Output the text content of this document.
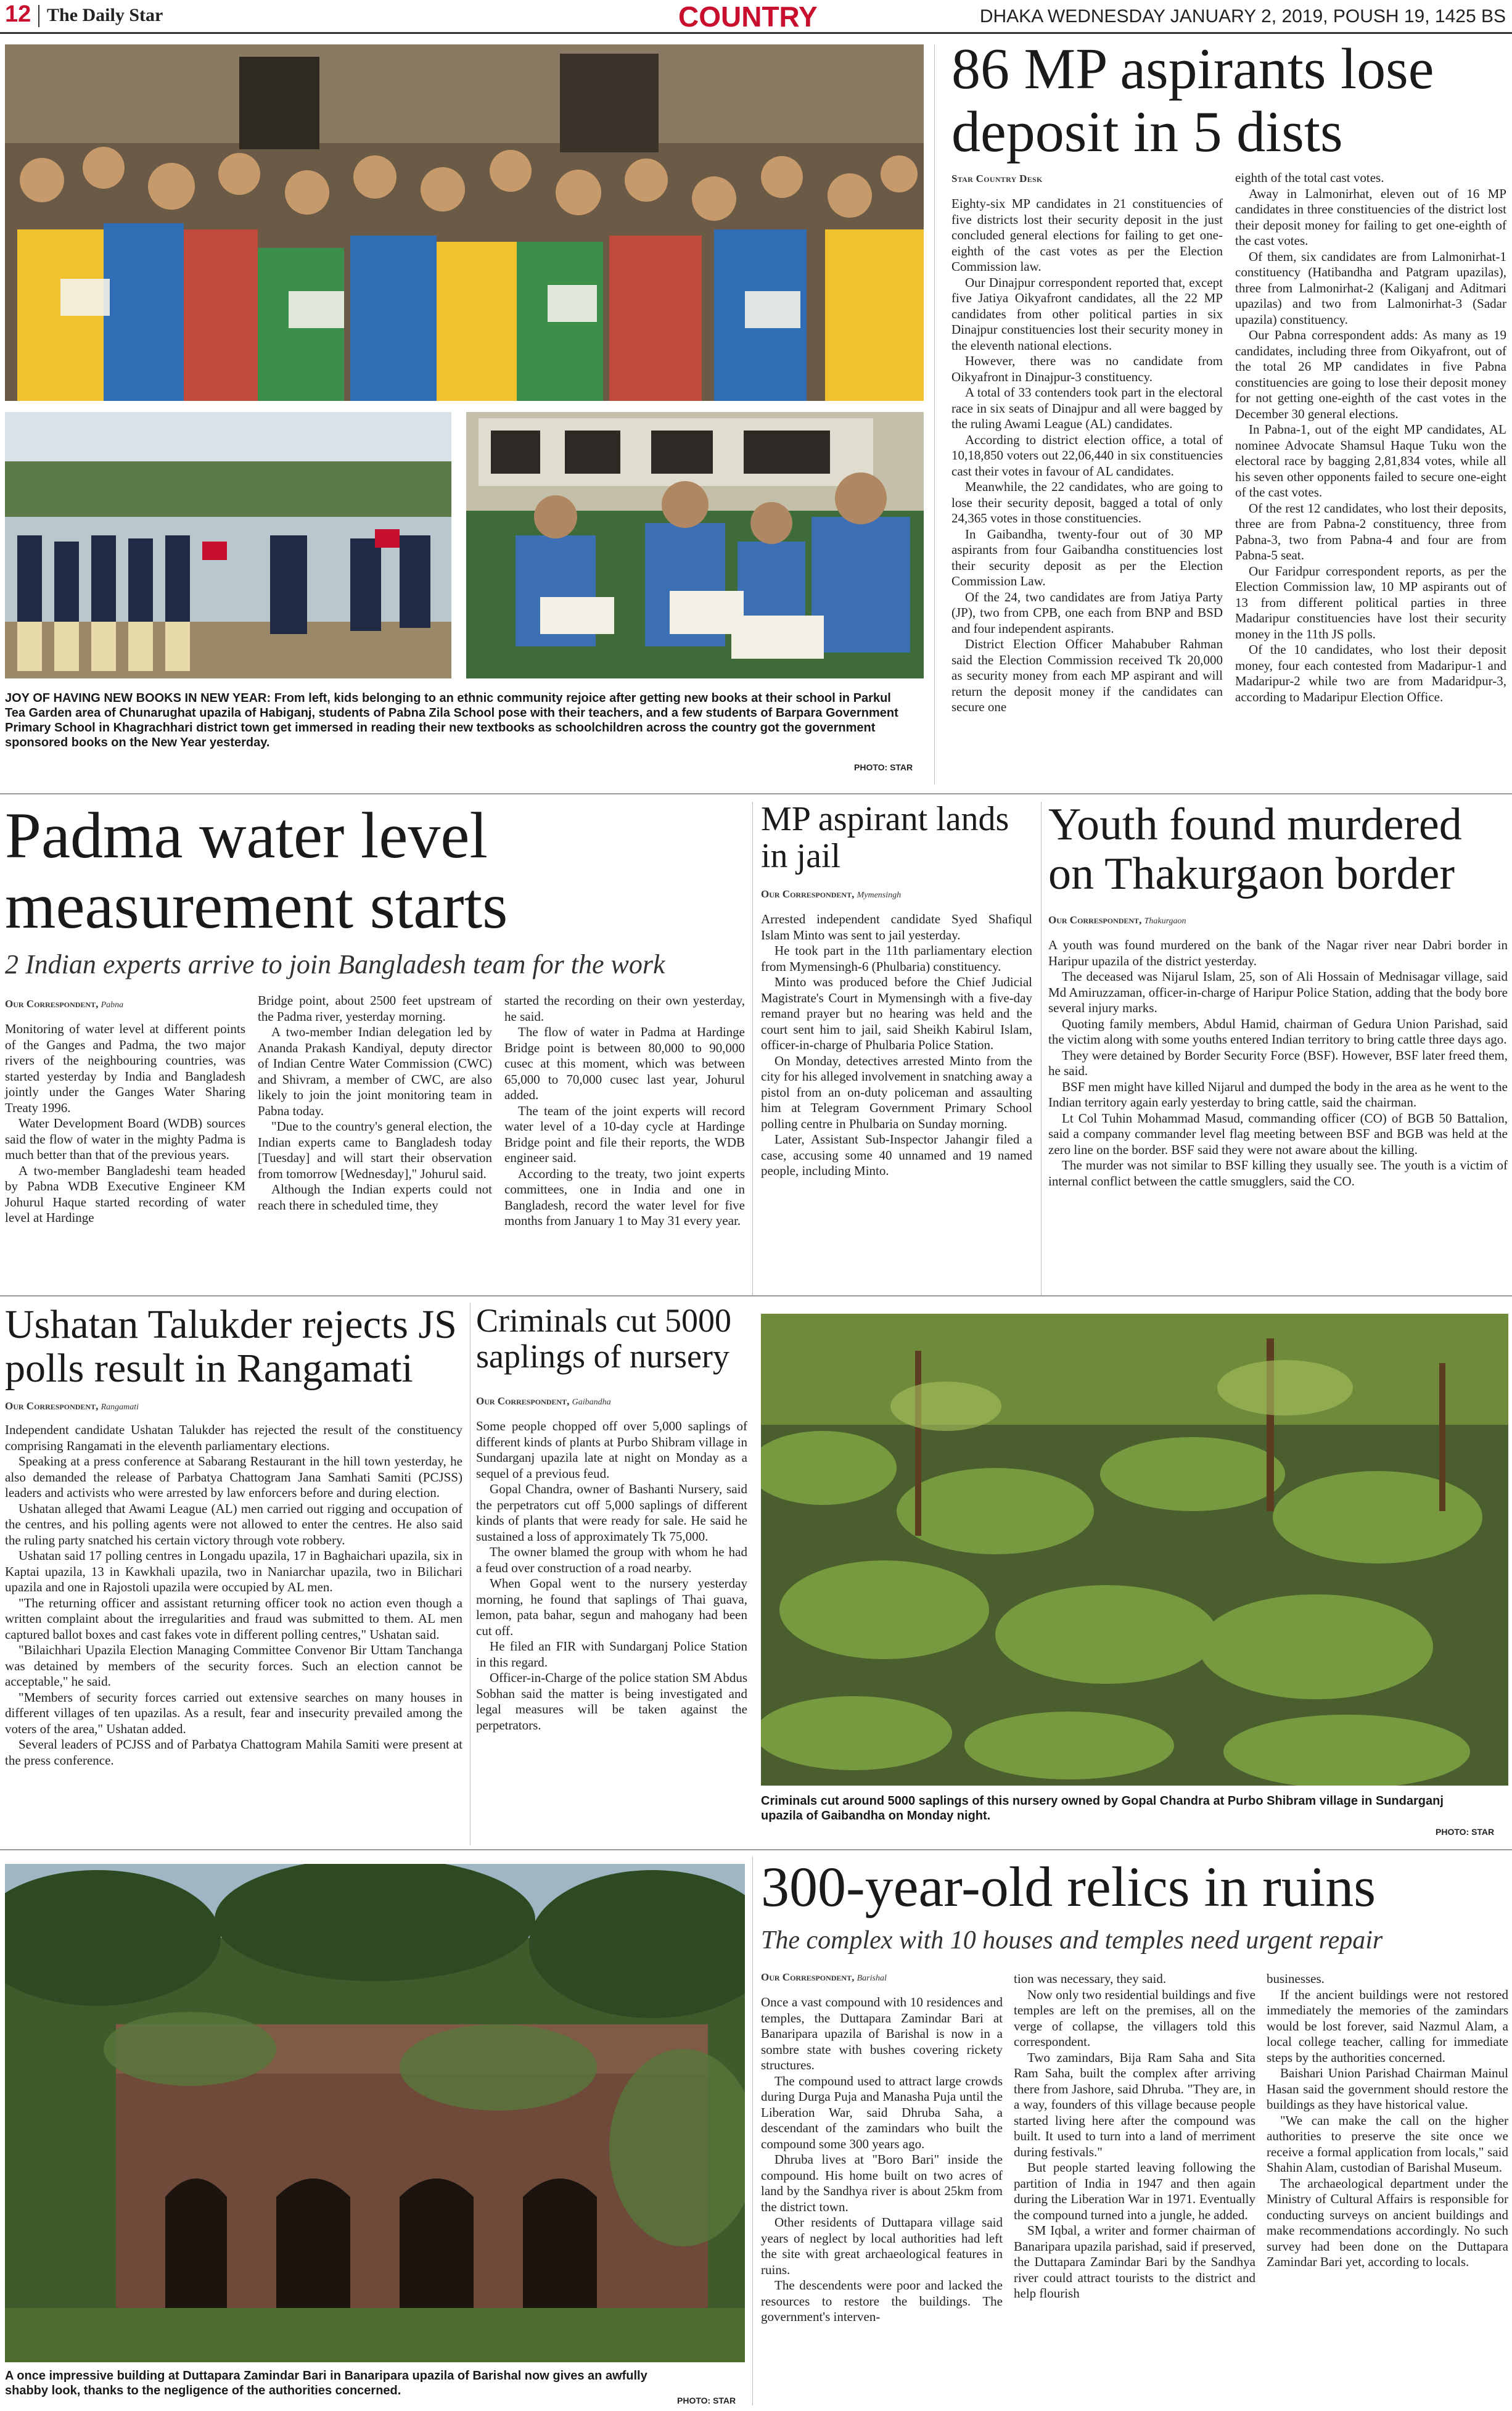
12 The Daily Star	COUNTRY	DHAKA WEDNESDAY JANUARY 2, 2019, POUSH 19, 1425 BS
JOY OF HAVING NEW BOOKS IN NEW YEAR: From left, kids belonging to an ethnic community rejoice after getting new books at their school in Parkul Tea Garden area of Chunarughat upazila of Habiganj, students of Pabna Zila School pose with their teachers, and a few students of Barpara Government Primary School in Khagrachhari district town get immersed in reading their new textbooks as schoolchildren across the country got the government sponsored books on the New Year yesterday.
PHOTO: STAR
86 MP aspirants lose deposit in 5 dists
Star Country Desk

Eighty-six MP candidates in 21 constituencies of five districts lost their security deposit in the just concluded general elections for failing to get one-eighth of the cast votes as per the Election Commission law.

Our Dinajpur correspondent reported that, except five Jatiya Oikyafront candidates, all the 22 MP candidates from other political parties in six Dinajpur constituencies lost their security money in the eleventh national elections.

However, there was no candidate from Oikyafront in Dinajpur-3 constituency.

A total of 33 contenders took part in the electoral race in six seats of Dinajpur and all were bagged by the ruling Awami League (AL) candidates.

According to district election office, a total of 10,18,850 voters out 22,06,440 in six constituencies cast their votes in favour of AL candidates.

Meanwhile, the 22 candidates, who are going to lose their security deposit, bagged a total of only 24,365 votes in those constituencies.

In Gaibandha, twenty-four out of 30 MP aspirants from four Gaibandha constituencies lost their security deposit as per the Election Commission Law.

Of the 24, two candidates are from Jatiya Party (JP), two from CPB, one each from BNP and BSD and four independent aspirants.

District Election Officer Mahabuber Rahman said the Election Commission received Tk 20,000 as security money from each MP aspirant and will return the deposit money if the candidates can secure one

eighth of the total cast votes.

Away in Lalmonirhat, eleven out of 16 MP candidates in three constituencies of the district lost their deposit money for failing to get one-eighth of the cast votes.

Of them, six candidates are from Lalmonirhat-1 constituency (Hatibandha and Patgram upazilas), three from Lalmonirhat-2 (Kaliganj and Aditmari upazilas) and two from Lalmonirhat-3 (Sadar upazila) constituency.

Our Pabna correspondent adds: As many as 19 candidates, including three from Oikyafront, out of the total 26 MP candidates in five Pabna constituencies are going to lose their deposit money for not getting one-eighth of the cast votes in the December 30 general elections.

In Pabna-1, out of the eight MP candidates, AL nominee Advocate Shamsul Haque Tuku won the electoral race by bagging 2,81,834 votes, while all his seven other opponents failed to secure one-eight of the cast votes.

Of the rest 12 candidates, who lost their deposits, three are from Pabna-2 constituency, three from Pabna-3, two from Pabna-4 and four are from Pabna-5 seat.

Our Faridpur correspondent reports, as per the Election Commission law, 10 MP aspirants out of 13 from different political parties in three Madaripur constituencies have lost their security money in the 11th JS polls.

Of the 10 candidates, who lost their deposit money, four each contested from Madaripur-1 and Madaripur-2 while two are from Madaridpur-3, according to Madaripur Election Office.

Padma water level measurement starts
2 Indian experts arrive to join Bangladesh team for the work
Our Correspondent, Pabna

Monitoring of water level at different points of the Ganges and Padma, the two major rivers of the neighbouring countries, was started yesterday by India and Bangladesh jointly under the Ganges Water Sharing Treaty 1996.

Water Development Board (WDB) sources said the flow of water in the mighty Padma is much better than that of the previous years.

A two-member Bangladeshi team headed by Pabna WDB Executive Engineer KM Johurul Haque started recording of water level at Hardinge

Bridge point, about 2500 feet upstream of the Padma river, yesterday morning.

A two-member Indian delegation led by Ananda Prakash Kandiyal, deputy director of Indian Centre Water Commission (CWC) and Shivram, a member of CWC, are also likely to join the joint monitoring team in Pabna today.

"Due to the country's general election, the Indian experts came to Bangladesh today [Tuesday] and will start their observation from tomorrow [Wednesday]," Johurul said.

Although the Indian experts could not reach there in scheduled time, they

started the recording on their own yesterday, he said.

The flow of water in Padma at Hardinge Bridge point is between 80,000 to 90,000 cusec at this moment, which was between 65,000 to 70,000 cusec last year, Johurul added.

The team of the joint experts will record water level of a 10-day cycle at Hardinge Bridge point and file their reports, the WDB engineer said.

According to the treaty, two joint experts committees, one in India and one in Bangladesh, record the water level for five months from January 1 to May 31 every year.

MP aspirant lands in jail
Our Correspondent, Mymensingh

Arrested independent candidate Syed Shafiqul Islam Minto was sent to jail yesterday.

He took part in the 11th parliamentary election from Mymensingh-6 (Phulbaria) constituency.

Minto was produced before the Chief Judicial Magistrate's Court in Mymensingh with a five-day remand prayer but no hearing was held and the court sent him to jail, said Sheikh Kabirul Islam, officer-in-charge of Phulbaria Police Station.

On Monday, detectives arrested Minto from the city for his alleged involvement in snatching away a pistol from an on-duty policeman and assaulting him at Telegram Government Primary School polling centre in Phulbaria on Sunday morning.

Later, Assistant Sub-Inspector Jahangir filed a case, accusing some 40 unnamed and 19 named people, including Minto.

Youth found murdered on Thakurgaon border
Our Correspondent, Thakurgaon

A youth was found murdered on the bank of the Nagar river near Dabri border in Haripur upazila of the district yesterday.

The deceased was Nijarul Islam, 25, son of Ali Hossain of Mednisagar village, said Md Amiruzzaman, officer-in-charge of Haripur Police Station, adding that the body bore several injury marks.

Quoting family members, Abdul Hamid, chairman of Gedura Union Parishad, said the victim along with some youths entered Indian territory to bring cattle three days ago.

They were detained by Border Security Force (BSF). However, BSF later freed them, he said.

BSF men might have killed Nijarul and dumped the body in the area as he went to the Indian territory again early yesterday to bring cattle, said the chairman.

Lt Col Tuhin Mohammad Masud, commanding officer (CO) of BGB 50 Battalion, said a company commander level flag meeting between BSF and BGB was held at the zero line on the border. BSF said they were not aware about the killing.

The murder was not similar to BSF killing they usually see. The youth is a victim of internal conflict between the cattle smugglers, said the CO.

Ushatan Talukder rejects JS polls result in Rangamati
Our Correspondent, Rangamati

Independent candidate Ushatan Talukder has rejected the result of the constituency comprising Rangamati in the eleventh parliamentary elections.

Speaking at a press conference at Sabarang Restaurant in the hill town yesterday, he also demanded the release of Parbatya Chattogram Jana Samhati Samiti (PCJSS) leaders and activists who were arrested by law enforcers before and during election.

Ushatan alleged that Awami League (AL) men carried out rigging and occupation of the centres, and his polling agents were not allowed to enter the centres. He also said the ruling party snatched his certain victory through vote robbery.

Ushatan said 17 polling centres in Longadu upazila, 17 in Baghaichari upazila, six in Kaptai upazila, 13 in Kawkhali upazila, two in Naniarchar upazila, two in Bilichari upazila and one in Rajostoli upazila were occupied by AL men.

"The returning officer and assistant returning officer took no action even though a written complaint about the irregularities and fraud was submitted to them. AL men captured ballot boxes and cast fakes vote in different polling centres," Ushatan said.

"Bilaichhari Upazila Election Managing Committee Convenor Bir Uttam Tanchanga was detained by members of the security forces. Such an election cannot be acceptable," he said.

"Members of security forces carried out extensive searches on many houses in different villages of ten upazilas. As a result, fear and insecurity prevailed among the voters of the area," Ushatan added.

Several leaders of PCJSS and of Parbatya Chattogram Mahila Samiti were present at the press conference.

Criminals cut 5000 saplings of nursery
Our Correspondent, Gaibandha

Some people chopped off over 5,000 saplings of different kinds of plants at Purbo Shibram village in Sundarganj upazila late at night on Monday as a sequel of a previous feud.

Gopal Chandra, owner of Bashanti Nursery, said the perpetrators cut off 5,000 saplings of different kinds of plants that were ready for sale. He said he sustained a loss of approximately Tk 75,000.

The owner blamed the group with whom he had a feud over construction of a road nearby.

When Gopal went to the nursery yesterday morning, he found that saplings of Thai guava, lemon, pata bahar, segun and mahogany had been cut off.

He filed an FIR with Sundarganj Police Station in this regard.

Officer-in-Charge of the police station SM Abdus Sobhan said the matter is being investigated and legal measures will be taken against the perpetrators.

Criminals cut around 5000 saplings of this nursery owned by Gopal Chandra at Purbo Shibram village in Sundarganj upazila of Gaibandha on Monday night.
PHOTO: STAR
A once impressive building at Duttapara Zamindar Bari in Banaripara upazila of Barishal now gives an awfully shabby look, thanks to the negligence of the authorities concerned.
PHOTO: STAR
300-year-old relics in ruins
The complex with 10 houses and temples need urgent repair
Our Correspondent, Barishal

Once a vast compound with 10 residences and temples, the Duttapara Zamindar Bari at Banaripara upazila of Barishal is now in a sombre state with bushes covering rickety structures.

The compound used to attract large crowds during Durga Puja and Manasha Puja until the Liberation War, said Dhruba Saha, a descendant of the zamindars who built the compound some 300 years ago.

Dhruba lives at "Boro Bari" inside the compound. His home built on two acres of land by the Sandhya river is about 25km from the district town.

Other residents of Duttapara village said years of neglect by local authorities had left the site with great archaeological features in ruins.

The descendents were poor and lacked the resources to restore the buildings. The government's interven-

tion was necessary, they said.

Now only two residential buildings and five temples are left on the premises, all on the verge of collapse, the villagers told this correspondent.

Two zamindars, Bija Ram Saha and Sita Ram Saha, built the complex after arriving there from Jashore, said Dhruba. "They are, in a way, founders of this village because people started living here after the compound was built. It used to turn into a land of merriment during festivals."

But people started leaving following the partition of India in 1947 and then again during the Liberation War in 1971. Eventually the compound turned into a jungle, he added.

SM Iqbal, a writer and former chairman of Banaripara upazila parishad, said if preserved, the Duttapara Zamindar Bari by the Sandhya river could attract tourists to the district and help flourish

businesses.

If the ancient buildings were not restored immediately the memories of the zamindars would be lost forever, said Nazmul Alam, a local college teacher, calling for immediate steps by the authorities concerned.

Baishari Union Parishad Chairman Mainul Hasan said the government should restore the buildings as they have historical value.

"We can make the call on the higher authorities to preserve the site once we receive a formal application from locals," said Shahin Alam, custodian of Barishal Museum.

The archaeological department under the Ministry of Cultural Affairs is responsible for conducting surveys on ancient buildings and make recommendations accordingly. No such survey had been done on the Duttapara Zamindar Bari yet, according to locals.
